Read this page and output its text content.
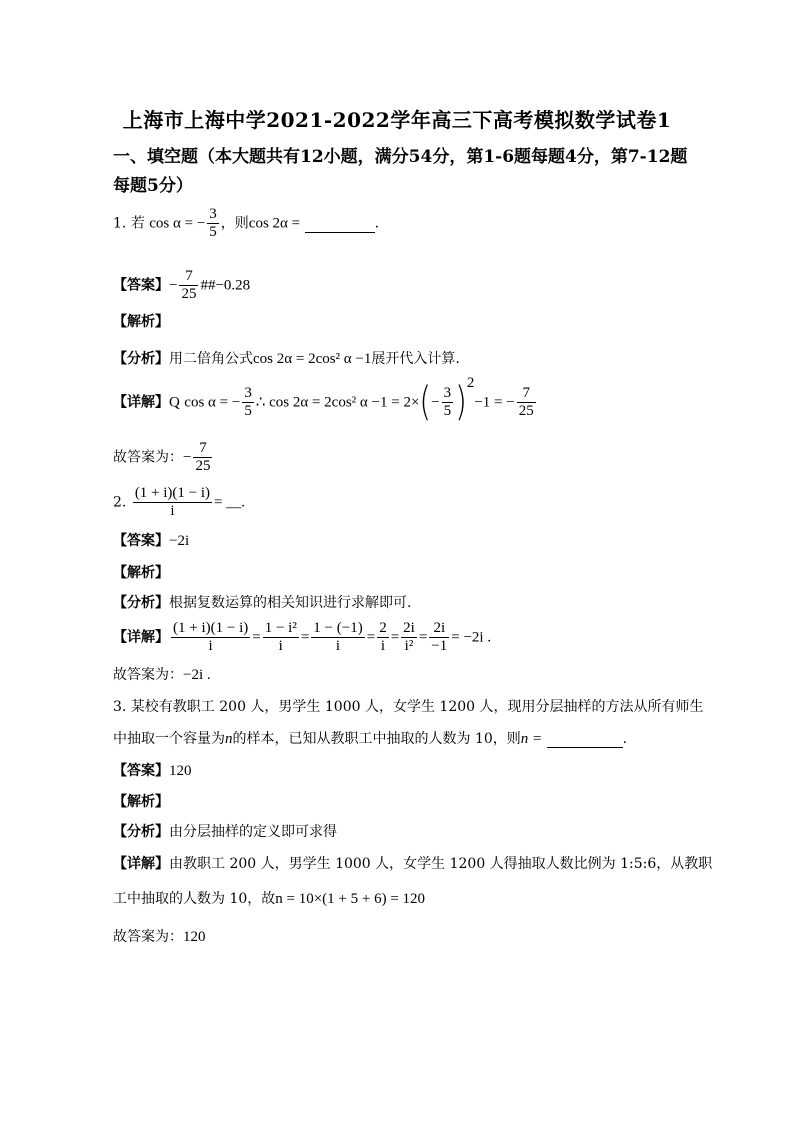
上海市上海中学2021-2022学年高三下高考模拟数学试卷1
一、填空题（本大题共有12小题，满分54分，第1-6题每题4分，第7-12题每题5分）
1. 若 cos α = − $\frac{3}{5}$ ，则cos 2α =	.
【答案】− $\frac{7}{25}$ ##−0.28
【解析】
【分析】用二倍角公式cos 2α = 2cos² α −1展开代入计算.
【详解】Q cos α = − $\frac{3}{5}$ ∴ cos 2α = 2cos² $\alpha -1 = 2\times(- \frac{3}{5} )^2-1$ = − $\frac{7}{25}$
故答案为：− $\frac{7}{25}$
2. $\frac{(1 + i)(1 - i)}{i}$ = __.
【答案】−2i
【解析】
【分析】根据复数运算的相关知识进行求解即可.
【详解】 $\frac{(1 + i)(1 - i)}{i} = \frac{\text{1 − i²}}{i} = \frac{1 - (-1)}{i} = \frac{2}{i} = \frac{2i}{\text{i²}} = \frac{2i}{-1} = -2i$ .
故答案为：−2i .
3. 某校有教职工 200 人，男学生 1000 人，女学生 1200 人，现用分层抽样的方法从所有师生
中抽取一个容量为n的样本，已知从教职工中抽取的人数为 10，则n =	.
【答案】120
【解析】
【分析】由分层抽样的定义即可求得
【详解】由教职工 200 人，男学生 1000 人，女学生 1200 人得抽取人数比例为 1:5:6，从教职
工中抽取的人数为 10，故n = 10×(1 + 5 + 6) = 120
故答案为：120
